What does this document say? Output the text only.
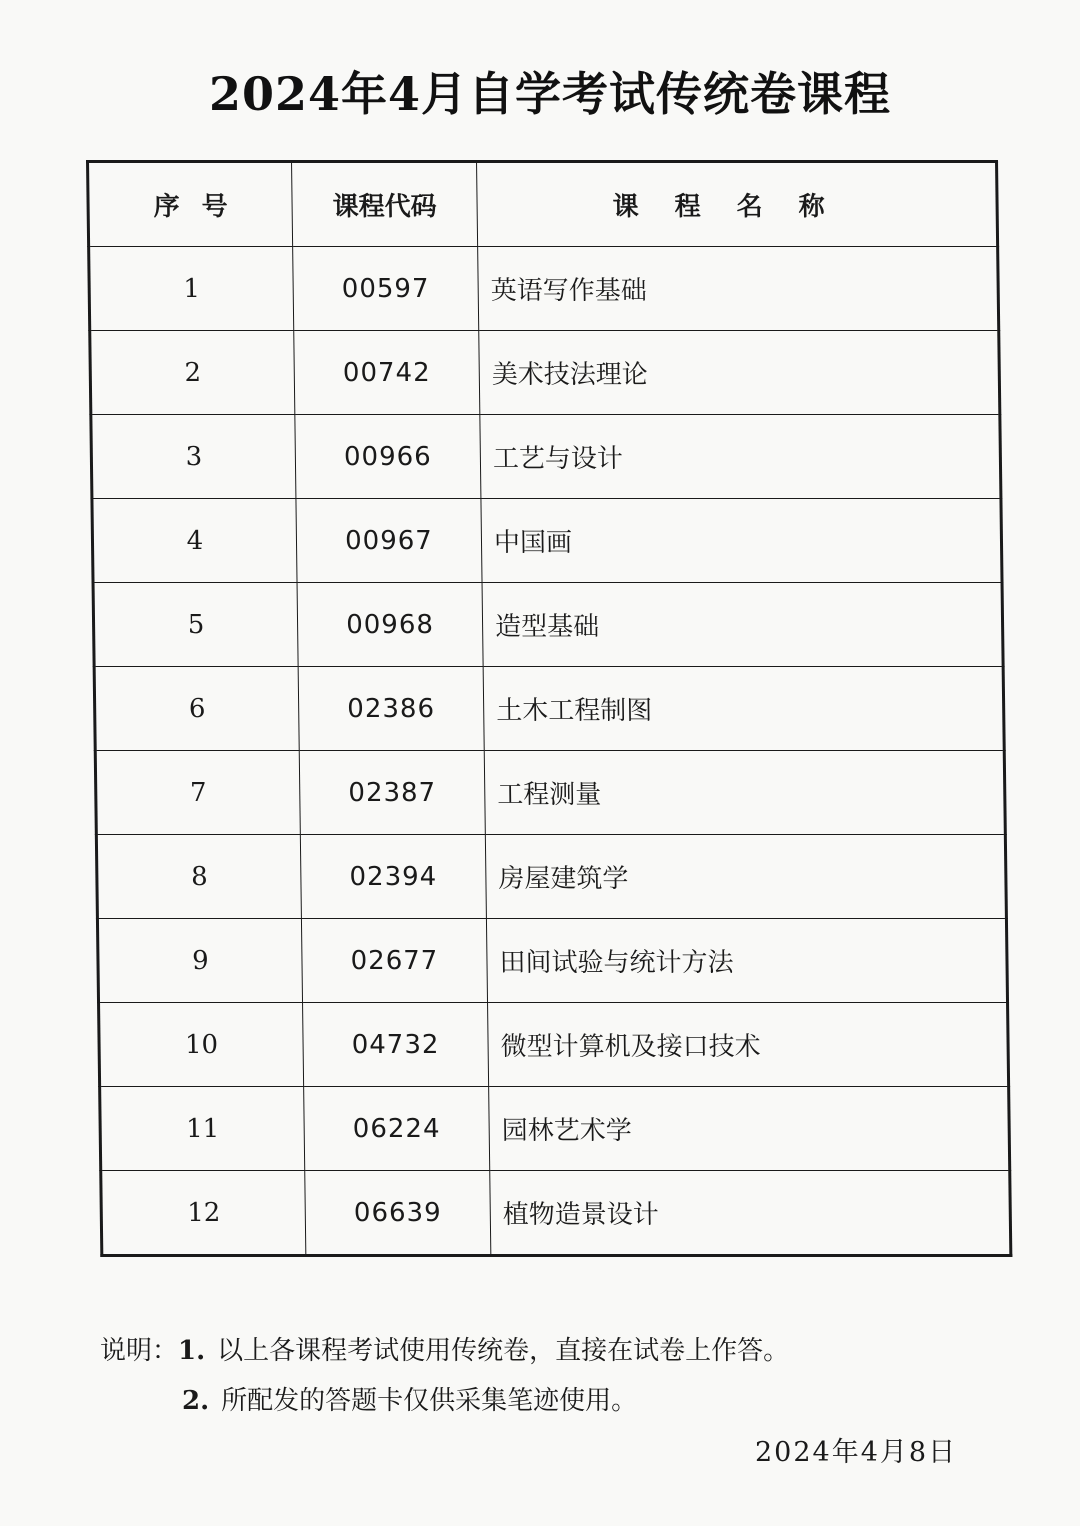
2024年4月自学考试传统卷课程
序号	课程代码	课程名称
1	00597	英语写作基础
2	00742	美术技法理论
3	00966	工艺与设计
4	00967	中国画
5	00968	造型基础
6	02386	土木工程制图
7	02387	工程测量
8	02394	房屋建筑学
9	02677	田间试验与统计方法
10	04732	微型计算机及接口技术
11	06224	园林艺术学
12	06639	植物造景设计
说明：1. 以上各课程考试使用传统卷，直接在试卷上作答。
2. 所配发的答题卡仅供采集笔迹使用。
2024年4月8日
